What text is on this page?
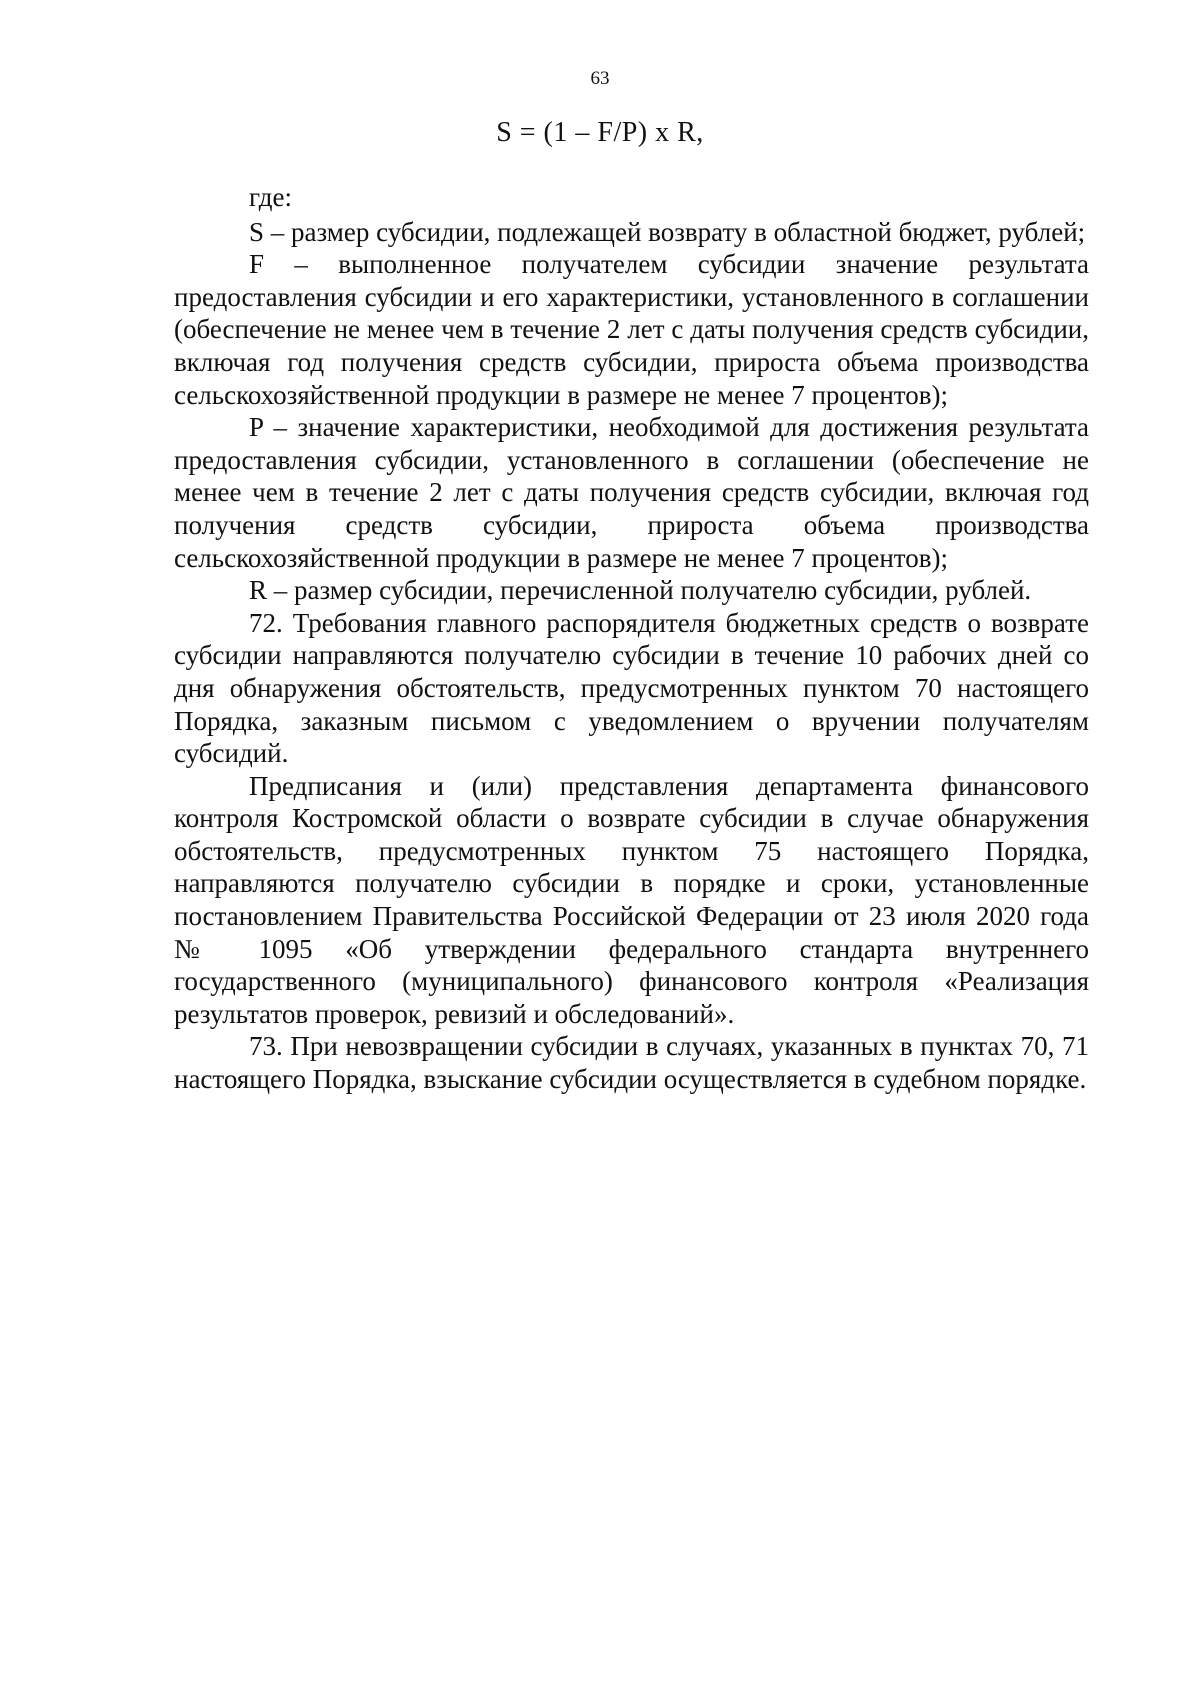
63
S = (1 – F/P) x R,

где:

S – размер субсидии, подлежащей возврату в областной бюджет, рублей;

F – выполненное получателем субсидии значение результата предоставления субсидии и его характеристики, установленного в соглашении (обеспечение не менее чем в течение 2 лет с даты получения средств субсидии, включая год получения средств субсидии, прироста объема производства сельскохозяйственной продукции в размере не менее 7 процентов);

P – значение характеристики, необходимой для достижения результата предоставления субсидии, установленного в соглашении (обеспечение не менее чем в течение 2 лет с даты получения средств субсидии, включая год получения средств субсидии, прироста объема производства сельскохозяйственной продукции в размере не менее 7 процентов);

R – размер субсидии, перечисленной получателю субсидии, рублей.

72. Требования главного распорядителя бюджетных средств о возврате субсидии направляются получателю субсидии в течение 10 рабочих дней со дня обнаружения обстоятельств, предусмотренных пунктом 70 настоящего Порядка, заказным письмом с уведомлением о вручении получателям субсидий.

Предписания и (или) представления департамента финансового контроля Костромской области о возврате субсидии в случае обнаружения обстоятельств, предусмотренных пунктом 75 настоящего Порядка, направляются получателю субсидии в порядке и сроки, установленные постановлением Правительства Российской Федерации от 23 июля 2020 года № 1095 «Об утверждении федерального стандарта внутреннего государственного (муниципального) финансового контроля «Реализация результатов проверок, ревизий и обследований».

73. При невозвращении субсидии в случаях, указанных в пунктах 70, 71 настоящего Порядка, взыскание субсидии осуществляется в судебном порядке.
